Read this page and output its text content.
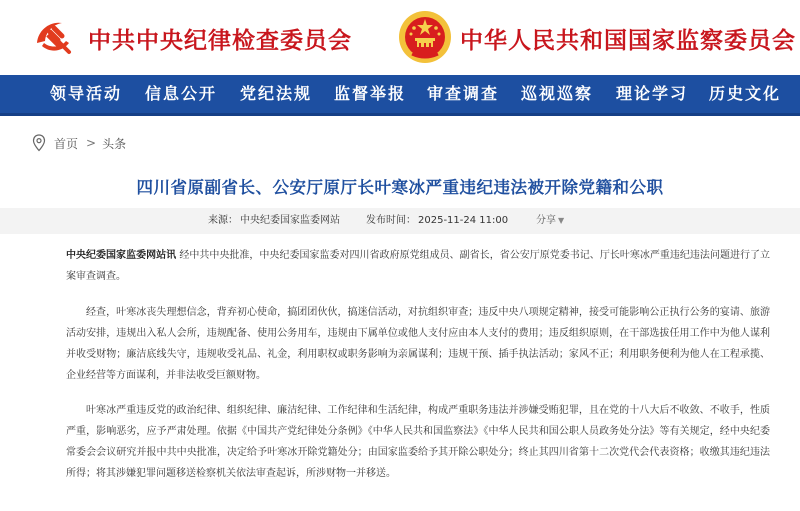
中共中央纪律检查委员会	中华人民共和国国家监察委员会
领导活动 信息公开 党纪法规 监督举报 审查调查 巡视巡察 理论学习 历史文化
首页 > 头条
四川省原副省长、公安厅原厅长叶寒冰严重违纪违法被开除党籍和公职
来源： 中央纪委国家监委网站	发布时间： 2025-11-24 11:00	分享 ▼

中央纪委国家监委网站讯 经中共中央批准，中央纪委国家监委对四川省政府原党组成员、副省长，省公安厅原党委书记、厅长叶寒冰严重违纪违法问题进行了立案审查调查。

经查，叶寒冰丧失理想信念，背弃初心使命，搞团团伙伙，搞迷信活动，对抗组织审查；违反中央八项规定精神，接受可能影响公正执行公务的宴请、旅游活动安排，违规出入私人会所，违规配备、使用公务用车，违规由下属单位或他人支付应由本人支付的费用；违反组织原则，在干部选拔任用工作中为他人谋利并收受财物；廉洁底线失守，违规收受礼品、礼金，利用职权或职务影响为亲属谋利；违规干预、插手执法活动；家风不正；利用职务便利为他人在工程承揽、企业经营等方面谋利，并非法收受巨额财物。

叶寒冰严重违反党的政治纪律、组织纪律、廉洁纪律、工作纪律和生活纪律，构成严重职务违法并涉嫌受贿犯罪，且在党的十八大后不收敛、不收手，性质严重，影响恶劣，应予严肃处理。依据《中国共产党纪律处分条例》《中华人民共和国监察法》《中华人民共和国公职人员政务处分法》等有关规定，经中央纪委常委会会议研究并报中共中央批准，决定给予叶寒冰开除党籍处分；由国家监委给予其开除公职处分；终止其四川省第十二次党代会代表资格；收缴其违纪违法所得；将其涉嫌犯罪问题移送检察机关依法审查起诉，所涉财物一并移送。
